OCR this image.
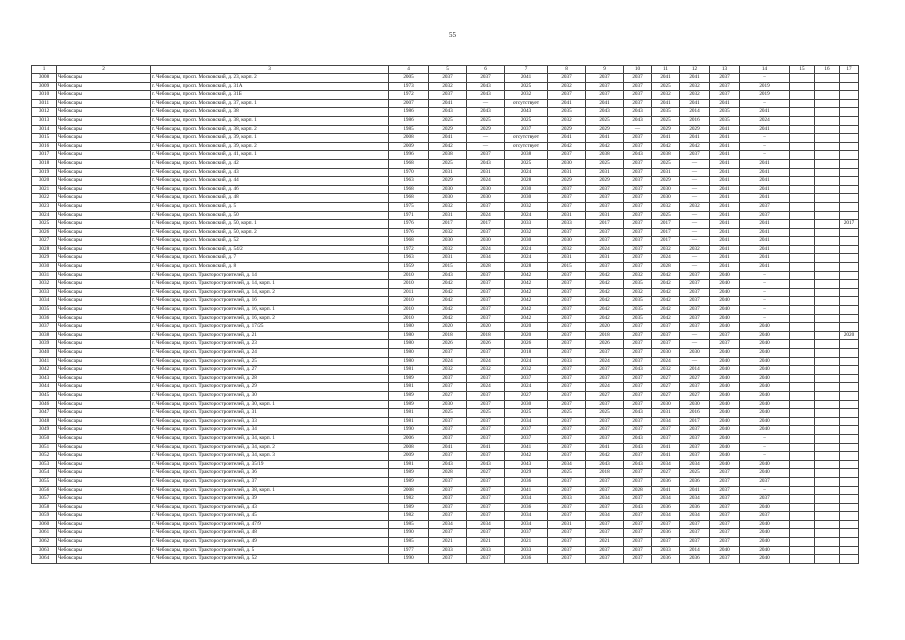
55
1	2	3	4	5	6	7	8	9	10	11	12	13	14	15	16	17
3008	Чебоксары	г. Чебоксары, просп. Московский, д. 23, корп. 2	2005	2037	2037	2041	2037	2037	2037	2041	2041	2037	–			
3009	Чебоксары	г. Чебоксары, просп. Московский, д. 31А	1973	2032	2043	2025	2032	2037	2037	2025	2032	2037	2019			
3010	Чебоксары	г. Чебоксары, просп. Московский, д. 31Б	1972	2037	2043	2032	2037	2037	2037	2032	2032	2037	2019			
3011	Чебоксары	г. Чебоксары, просп. Московский, д. 37, корп. 1	2007	2041	—	отсутствует	2041	2041	2037	2041	2041	2041	–			
3012	Чебоксары	г. Чебоксары, просп. Московский, д. 38	1986	2043	2043	2043	2035	2043	2043	2035	2014	2035	2041			
3013	Чебоксары	г. Чебоксары, просп. Московский, д. 38, корп. 1	1986	2025	2025	2025	2032	2025	2043	2025	2016	2035	2024			
3014	Чебоксары	г. Чебоксары, просп. Московский, д. 38, корп. 2	1985	2029	2029	2037	2029	2029	—	2029	2029	2041	2041			
3015	Чебоксары	г. Чебоксары, просп. Московский, д. 39, корп. 1	2008	2041	—	отсутствует	2041	2041	2037	2041	2041	2041	–			
3016	Чебоксары	г. Чебоксары, просп. Московский, д. 39, корп. 2	2009	2042	—	отсутствует	2042	2042	2037	2042	2042	2041	–			
3017	Чебоксары	г. Чебоксары, просп. Московский, д. 41, корп. 1	1996	2038	2037	2038	2037	2038	2043	2038	2037	2041	–			
3018	Чебоксары	г. Чебоксары, просп. Московский, д. 42	1968	2025	2043	2025	2030	2025	2037	2025	—	2041	2041			
3019	Чебоксары	г. Чебоксары, просп. Московский, д. 43	1970	2031	2031	2024	2031	2031	2037	2031	—	2041	2041			
3020	Чебоксары	г. Чебоксары, просп. Московский, д. 44	1963	2029	2024	2028	2029	2029	2037	2029	—	2041	2041			
3021	Чебоксары	г. Чебоксары, просп. Московский, д. 46	1968	2030	2030	2030	2037	2037	2037	2030	—	2041	2041			
3022	Чебоксары	г. Чебоксары, просп. Московский, д. 48	1968	2030	2030	2030	2037	2037	2037	2030	—	2041	2041			
3023	Чебоксары	г. Чебоксары, просп. Московский, д. 5	1975	2032	2037	2032	2037	2037	2037	2032	2032	2041	2037			
3024	Чебоксары	г. Чебоксары, просп. Московский, д. 50	1971	2031	2024	2024	2031	2031	2037	2025	—	2041	2037			
3025	Чебоксары	г. Чебоксары, просп. Московский, д. 50, корп. 1	1976	2017	2017	2033	2033	2017	2037	2017	—	2041	2041			2017
3026	Чебоксары	г. Чебоксары, просп. Московский, д. 50, корп. 2	1976	2032	2037	2032	2037	2037	2037	2017	—	2041	2041			
3027	Чебоксары	г. Чебоксары, просп. Московский, д. 52	1968	2030	2030	2030	2030	2037	2037	2017	—	2041	2041			
3028	Чебоксары	г. Чебоксары, просп. Московский, д. 54/2	1972	2032	2024	2024	2032	2024	2037	2032	2032	2041	2041			
3029	Чебоксары	г. Чебоксары, просп. Московский, д. 7	1963	2031	2034	2024	2031	2031	2037	2024	—	2041	2041			
3030	Чебоксары	г. Чебоксары, просп. Московский, д. 8	1959	2015	2028	2028	2015	2037	2037	2028	—	2041	2041			
3031	Чебоксары	г. Чебоксары, просп. Тракторостроителей, д. 14	2010	2043	2037	2042	2037	2042	2032	2042	2037	2040	–			
3032	Чебоксары	г. Чебоксары, просп. Тракторостроителей, д. 14, корп. 1	2010	2042	2037	2042	2037	2042	2035	2042	2037	2040	–			
3033	Чебоксары	г. Чебоксары, просп. Тракторостроителей, д. 14, корп. 2	2011	2042	2037	2042	2037	2042	2032	2042	2037	2040	–			
3034	Чебоксары	г. Чебоксары, просп. Тракторостроителей, д. 16	2010	2042	2037	2042	2037	2042	2035	2042	2037	2040	–			
3035	Чебоксары	г. Чебоксары, просп. Тракторостроителей, д. 16, корп. 1	2010	2042	2037	2042	2037	2042	2035	2042	2037	2040	–			
3036	Чебоксары	г. Чебоксары, просп. Тракторостроителей, д. 16, корп. 2	2010	2042	2037	2042	2037	2042	2035	2042	2037	2040	–			
3037	Чебоксары	г. Чебоксары, просп. Тракторостроителей, д. 17/25	1980	2020	2020	2020	2037	2020	2037	2037	2037	2040	2040			
3038	Чебоксары	г. Чебоксары, просп. Тракторостроителей, д. 21	1980	2018	2018	2020	2037	2018	2037	2037	—	2037	2040			2020
3039	Чебоксары	г. Чебоксары, просп. Тракторостроителей, д. 23	1980	2026	2026	2026	2037	2026	2037	2037	—	2037	2040			
3040	Чебоксары	г. Чебоксары, просп. Тракторостроителей, д. 24	1980	2037	2037	2018	2037	2037	2037	2030	2030	2040	2040			
3041	Чебоксары	г. Чебоксары, просп. Тракторостроителей, д. 25	1980	2024	2024	2024	2033	2024	2037	2024	—	2040	2040			
3042	Чебоксары	г. Чебоксары, просп. Тракторостроителей, д. 27	1981	2032	2032	2032	2037	2037	2043	2032	2014	2040	2040			
3043	Чебоксары	г. Чебоксары, просп. Тракторостроителей, д. 28	1989	2037	2037	2037	2037	2037	2037	2027	2027	2040	2040			
3044	Чебоксары	г. Чебоксары, просп. Тракторостроителей, д. 29	1981	2037	2024	2024	2037	2024	2037	2027	2037	2040	2040			
3045	Чебоксары	г. Чебоксары, просп. Тракторостроителей, д. 30	1989	2027	2037	2027	2037	2027	2037	2027	2027	2040	2040			
3046	Чебоксары	г. Чебоксары, просп. Тракторостроителей, д. 30, корп. 1	1989	2030	2037	2030	2037	2037	2037	2030	2030	2040	2040			
3047	Чебоксары	г. Чебоксары, просп. Тракторостроителей, д. 31	1981	2025	2025	2025	2025	2025	2043	2031	2016	2040	2040			
3048	Чебоксары	г. Чебоксары, просп. Тракторостроителей, д. 33	1981	2037	2037	2034	2037	2037	2037	2034	2017	2040	2040			
3049	Чебоксары	г. Чебоксары, просп. Тракторостроителей, д. 34	1990	2037	2037	2037	2037	2037	2037	2037	2037	2040	2040			
3050	Чебоксары	г. Чебоксары, просп. Тракторостроителей, д. 34, корп. 1	2006	2037	2037	2037	2037	2037	2043	2037	2037	2040	–			
3051	Чебоксары	г. Чебоксары, просп. Тракторостроителей, д. 34, корп. 2	2008	2041	2041	2041	2037	2041	2043	2041	2037	2040	–			
3052	Чебоксары	г. Чебоксары, просп. Тракторостроителей, д. 34, корп. 3	2009	2037	2037	2042	2037	2042	2037	2041	2037	2040	–			
3053	Чебоксары	г. Чебоксары, просп. Тракторостроителей, д. 35/19	1981	2043	2043	2043	2034	2043	2043	2034	2034	2040	2040			
3054	Чебоксары	г. Чебоксары, просп. Тракторостроителей, д. 36	1989	2028	2027	2029	2025	2018	2037	2027	2025	2037	2040			
3055	Чебоксары	г. Чебоксары, просп. Тракторостроителей, д. 37	1989	2037	2037	2036	2037	2037	2037	2036	2036	2037	2037			
3056	Чебоксары	г. Чебоксары, просп. Тракторостроителей, д. 38, корп. 1	2008	2037	2037	2041	2037	2037	2028	2041	2041	2037	–			
3057	Чебоксары	г. Чебоксары, просп. Тракторостроителей, д. 39	1982	2037	2037	2034	2033	2034	2037	2034	2034	2037	2037			
3058	Чебоксары	г. Чебоксары, просп. Тракторостроителей, д. 43	1989	2037	2037	2036	2037	2037	2043	2036	2036	2037	2040			
3059	Чебоксары	г. Чебоксары, просп. Тракторостроителей, д. 45	1982	2037	2037	2034	2037	2034	2037	2034	2034	2037	2037			
3060	Чебоксары	г. Чебоксары, просп. Тракторостроителей, д. 47/9	1985	2034	2034	2034	2031	2037	2037	2037	2037	2037	2040			
3061	Чебоксары	г. Чебоксары, просп. Тракторостроителей, д. 48	1990	2037	2037	2037	2037	2037	2037	2036	2037	2037	2040			
3062	Чебоксары	г. Чебоксары, просп. Тракторостроителей, д. 49	1985	2021	2021	2021	2037	2021	2037	2037	2037	2037	2040			
3063	Чебоксары	г. Чебоксары, просп. Тракторостроителей, д. 5	1977	2033	2033	2033	2037	2037	2037	2033	2014	2040	2040			
3064	Чебоксары	г. Чебоксары, просп. Тракторостроителей, д. 52	1990	2037	2037	2036	2037	2037	2037	2036	2036	2037	2040			
